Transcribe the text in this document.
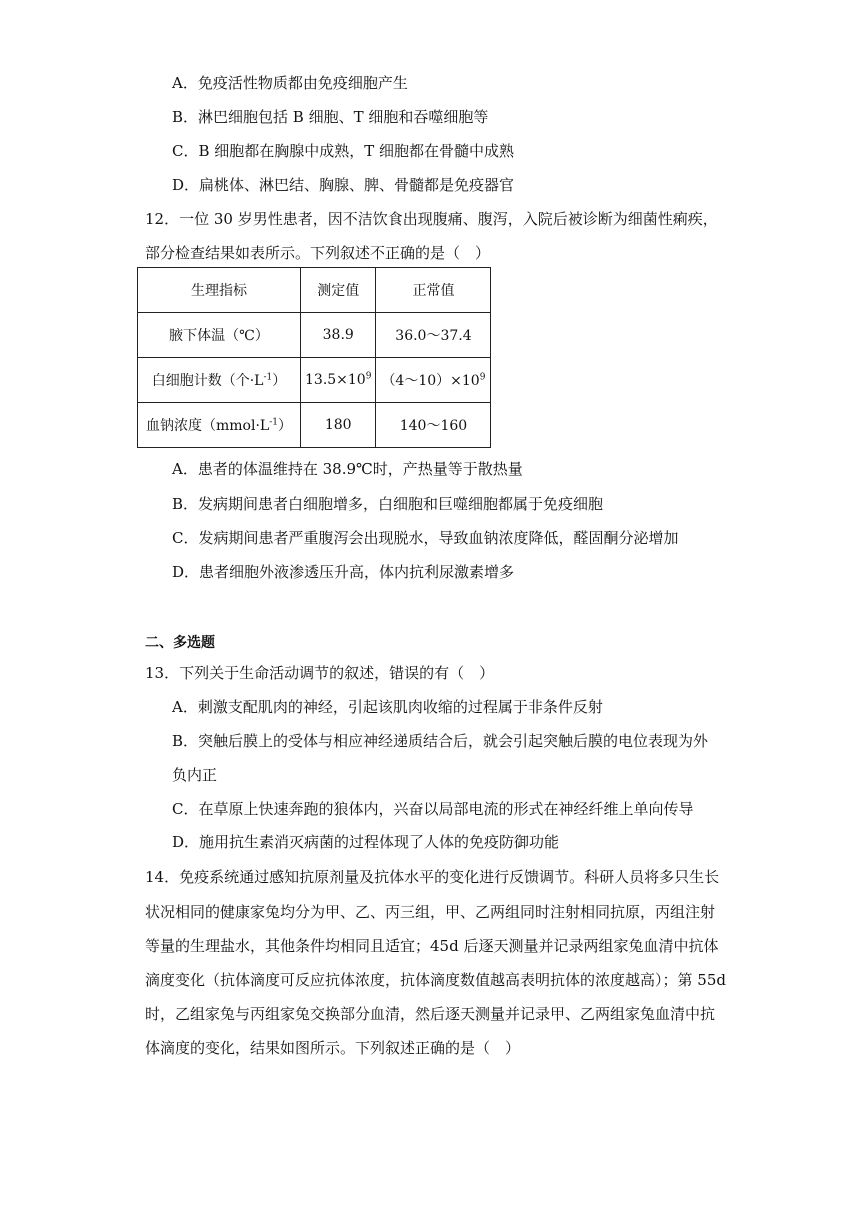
A．免疫活性物质都由免疫细胞产生
B．淋巴细胞包括 B 细胞、T 细胞和吞噬细胞等
C．B 细胞都在胸腺中成熟，T 细胞都在骨髓中成熟
D．扁桃体、淋巴结、胸腺、脾、骨髓都是免疫器官
12．一位 30 岁男性患者，因不洁饮食出现腹痛、腹泻，入院后被诊断为细菌性痢疾，
部分检查结果如表所示。下列叙述不正确的是（　）
生理指标	测定值	正常值
腋下体温（℃）	38.9	36.0～37.4
白细胞计数（个$\cdot L^{-1}$）	$13.5\times 10^9$	$(4\sim 10)\times 10^9$
血钠浓度$(mmol\cdot L^{-1})$	180	140～160
A．患者的体温维持在 38.9℃时，产热量等于散热量
B．发病期间患者白细胞增多，白细胞和巨噬细胞都属于免疫细胞
C．发病期间患者严重腹泻会出现脱水，导致血钠浓度降低，醛固酮分泌增加
D．患者细胞外液渗透压升高，体内抗利尿激素增多
二、多选题
13．下列关于生命活动调节的叙述，错误的有（　）
A．刺激支配肌肉的神经，引起该肌肉收缩的过程属于非条件反射
B．突触后膜上的受体与相应神经递质结合后，就会引起突触后膜的电位表现为外
负内正
C．在草原上快速奔跑的狼体内，兴奋以局部电流的形式在神经纤维上单向传导
D．施用抗生素消灭病菌的过程体现了人体的免疫防御功能
14．免疫系统通过感知抗原剂量及抗体水平的变化进行反馈调节。科研人员将多只生长
状况相同的健康家兔均分为甲、乙、丙三组，甲、乙两组同时注射相同抗原，丙组注射
等量的生理盐水，其他条件均相同且适宜；45d 后逐天测量并记录两组家兔血清中抗体
滴度变化（抗体滴度可反应抗体浓度，抗体滴度数值越高表明抗体的浓度越高）；第 55d
时，乙组家兔与丙组家兔交换部分血清，然后逐天测量并记录甲、乙两组家兔血清中抗
体滴度的变化，结果如图所示。下列叙述正确的是（　）
